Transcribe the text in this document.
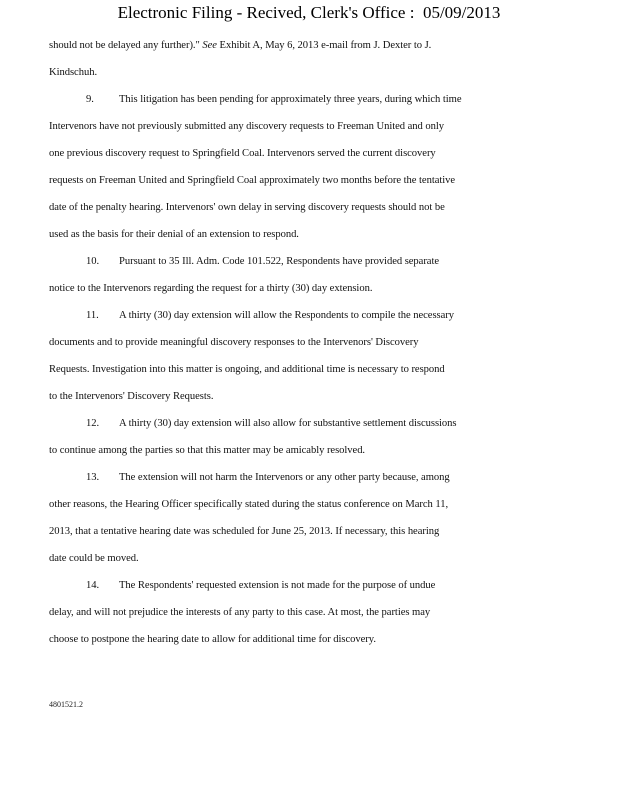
Electronic Filing - Recived, Clerk's Office :  05/09/2013
should not be delayed any further)." See Exhibit A, May 6, 2013 e-mail from J. Dexter to J.
Kindschuh.
9. This litigation has been pending for approximately three years, during which time
Intervenors have not previously submitted any discovery requests to Freeman United and only
one previous discovery request to Springfield Coal. Intervenors served the current discovery
requests on Freeman United and Springfield Coal approximately two months before the tentative
date of the penalty hearing. Intervenors' own delay in serving discovery requests should not be
used as the basis for their denial of an extension to respond.
10. Pursuant to 35 Ill. Adm. Code 101.522, Respondents have provided separate
notice to the Intervenors regarding the request for a thirty (30) day extension.
11. A thirty (30) day extension will allow the Respondents to compile the necessary
documents and to provide meaningful discovery responses to the Intervenors' Discovery
Requests. Investigation into this matter is ongoing, and additional time is necessary to respond
to the Intervenors' Discovery Requests.
12. A thirty (30) day extension will also allow for substantive settlement discussions
to continue among the parties so that this matter may be amicably resolved.
13. The extension will not harm the Intervenors or any other party because, among
other reasons, the Hearing Officer specifically stated during the status conference on March 11,
2013, that a tentative hearing date was scheduled for June 25, 2013. If necessary, this hearing
date could be moved.
14. The Respondents' requested extension is not made for the purpose of undue
delay, and will not prejudice the interests of any party to this case. At most, the parties may
choose to postpone the hearing date to allow for additional time for discovery.
4801521.2
